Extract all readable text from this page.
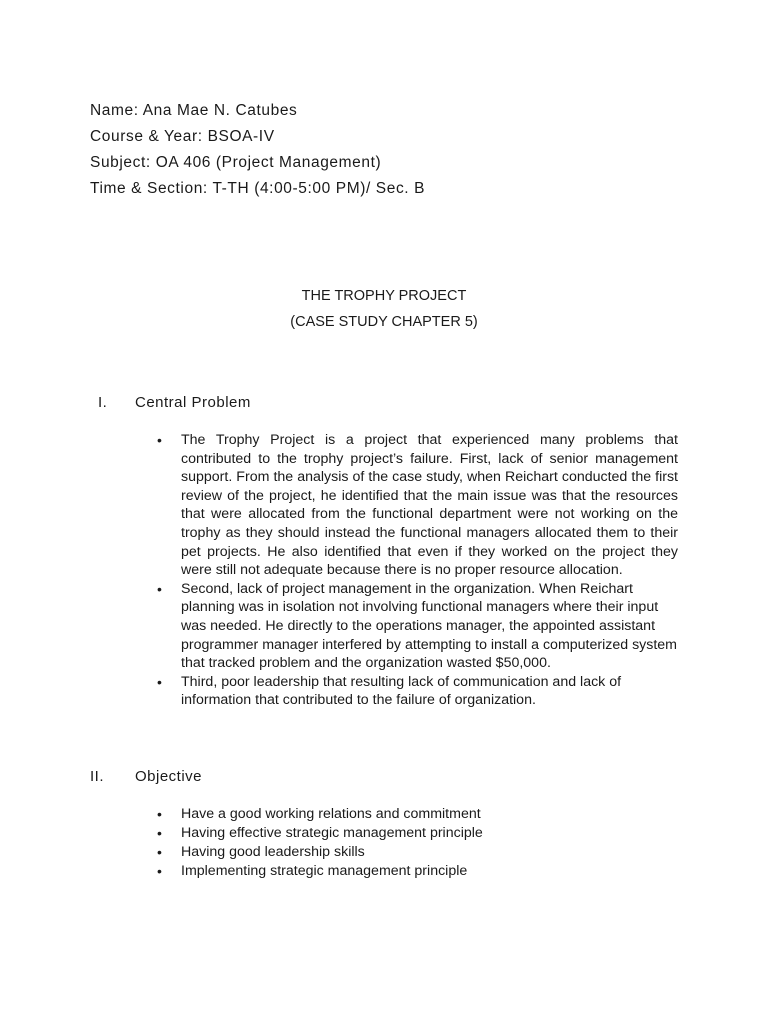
Name: Ana Mae N. Catubes
Course & Year: BSOA-IV
Subject: OA 406 (Project Management)
Time & Section: T-TH (4:00-5:00 PM)/ Sec. B
THE TROPHY PROJECT
(CASE STUDY CHAPTER 5)
I. Central Problem
• The Trophy Project is a project that experienced many problems that contributed to the trophy project’s failure. First, lack of senior management support. From the analysis of the case study, when Reichart conducted the first review of the project, he identified that the main issue was that the resources that were allocated from the functional department were not working on the trophy as they should instead the functional managers allocated them to their pet projects. He also identified that even if they worked on the project they were still not adequate because there is no proper resource allocation.
• Second, lack of project management in the organization. When Reichart planning was in isolation not involving functional managers where their input was needed. He directly to the operations manager, the appointed assistant programmer manager interfered by attempting to install a computerized system that tracked problem and the organization wasted $50,000.
• Third, poor leadership that resulting lack of communication and lack of information that contributed to the failure of organization.
II. Objective
• Have a good working relations and commitment
• Having effective strategic management principle
• Having good leadership skills
• Implementing strategic management principle
